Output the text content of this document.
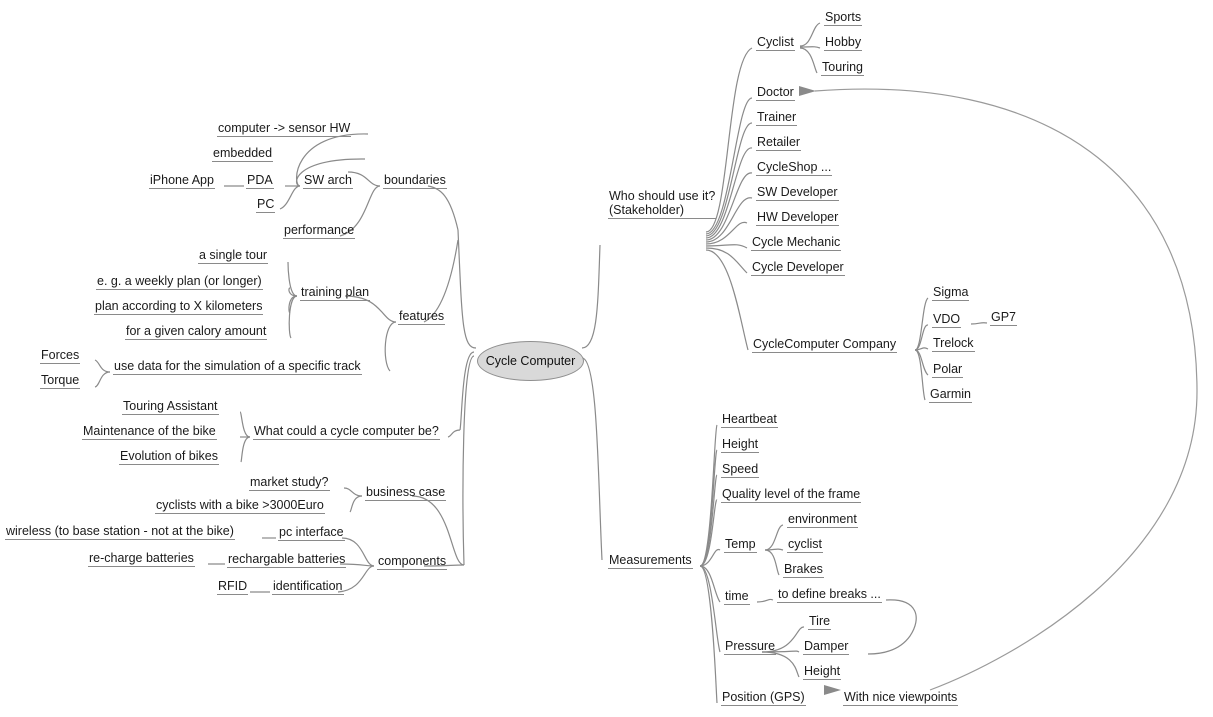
Cycle Computer
Who should use it?
(Stakeholder)
Cyclist
Sports
Hobby
Touring
Doctor
Trainer
Retailer
CycleShop ...
SW Developer
HW Developer
Cycle Mechanic
Cycle Developer
CycleComputer Company
Sigma
VDO GP7
Trelock
Polar
Garmin
Measurements
Heartbeat
Height
Speed
Quality level of the frame
Temp
environment
cyclist
Brakes
time to define breaks ...
Pressure
Tire
Damper
Height
Position (GPS)	With nice viewpoints
boundaries
SW arch
computer -> sensor HW
embedded
PDA
iPhone App
PC
performance
features
training plan
a single tour
e. g. a weekly plan (or longer)
plan according to X kilometers
for a given calory amount
use data for the simulation of a specific track
Forces
Torque
What could a cycle computer be?
Touring Assistant
Maintenance of the bike
Evolution of bikes
business case
market study?
cyclists with a bike >3000Euro
components
pc interface
wireless (to base station - not at the bike)
rechargable batteries
re-charge batteries
identification
RFID
